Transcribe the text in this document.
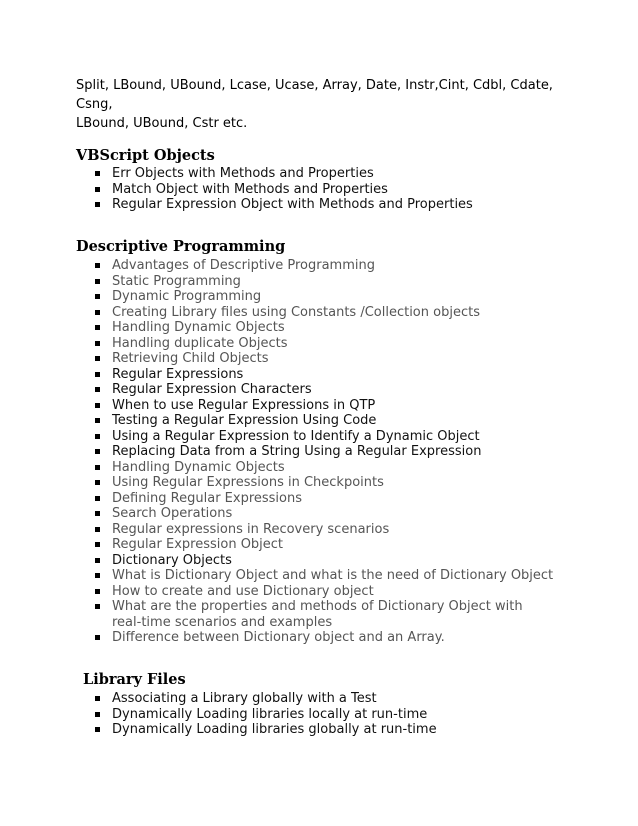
Split, LBound, UBound, Lcase, Ucase, Array, Date, Instr,Cint, Cdbl, Cdate,
Csng,
LBound, UBound, Cstr etc.
VBScript Objects
Err Objects with Methods and Properties
Match Object with Methods and Properties
Regular Expression Object with Methods and Properties
Descriptive Programming
Advantages of Descriptive Programming
Static Programming
Dynamic Programming
Creating Library files using Constants /Collection objects
Handling Dynamic Objects
Handling duplicate Objects
Retrieving Child Objects
Regular Expressions
Regular Expression Characters
When to use Regular Expressions in QTP
Testing a Regular Expression Using Code
Using a Regular Expression to Identify a Dynamic Object
Replacing Data from a String Using a Regular Expression
Handling Dynamic Objects
Using Regular Expressions in Checkpoints
Defining Regular Expressions
Search Operations
Regular expressions in Recovery scenarios
Regular Expression Object
Dictionary Objects
What is Dictionary Object and what is the need of Dictionary Object
How to create and use Dictionary object
What are the properties and methods of Dictionary Object with real-time scenarios and examples
Difference between Dictionary object and an Array.
Library Files
Associating a Library globally with a Test
Dynamically Loading libraries locally at run-time
Dynamically Loading libraries globally at run-time
